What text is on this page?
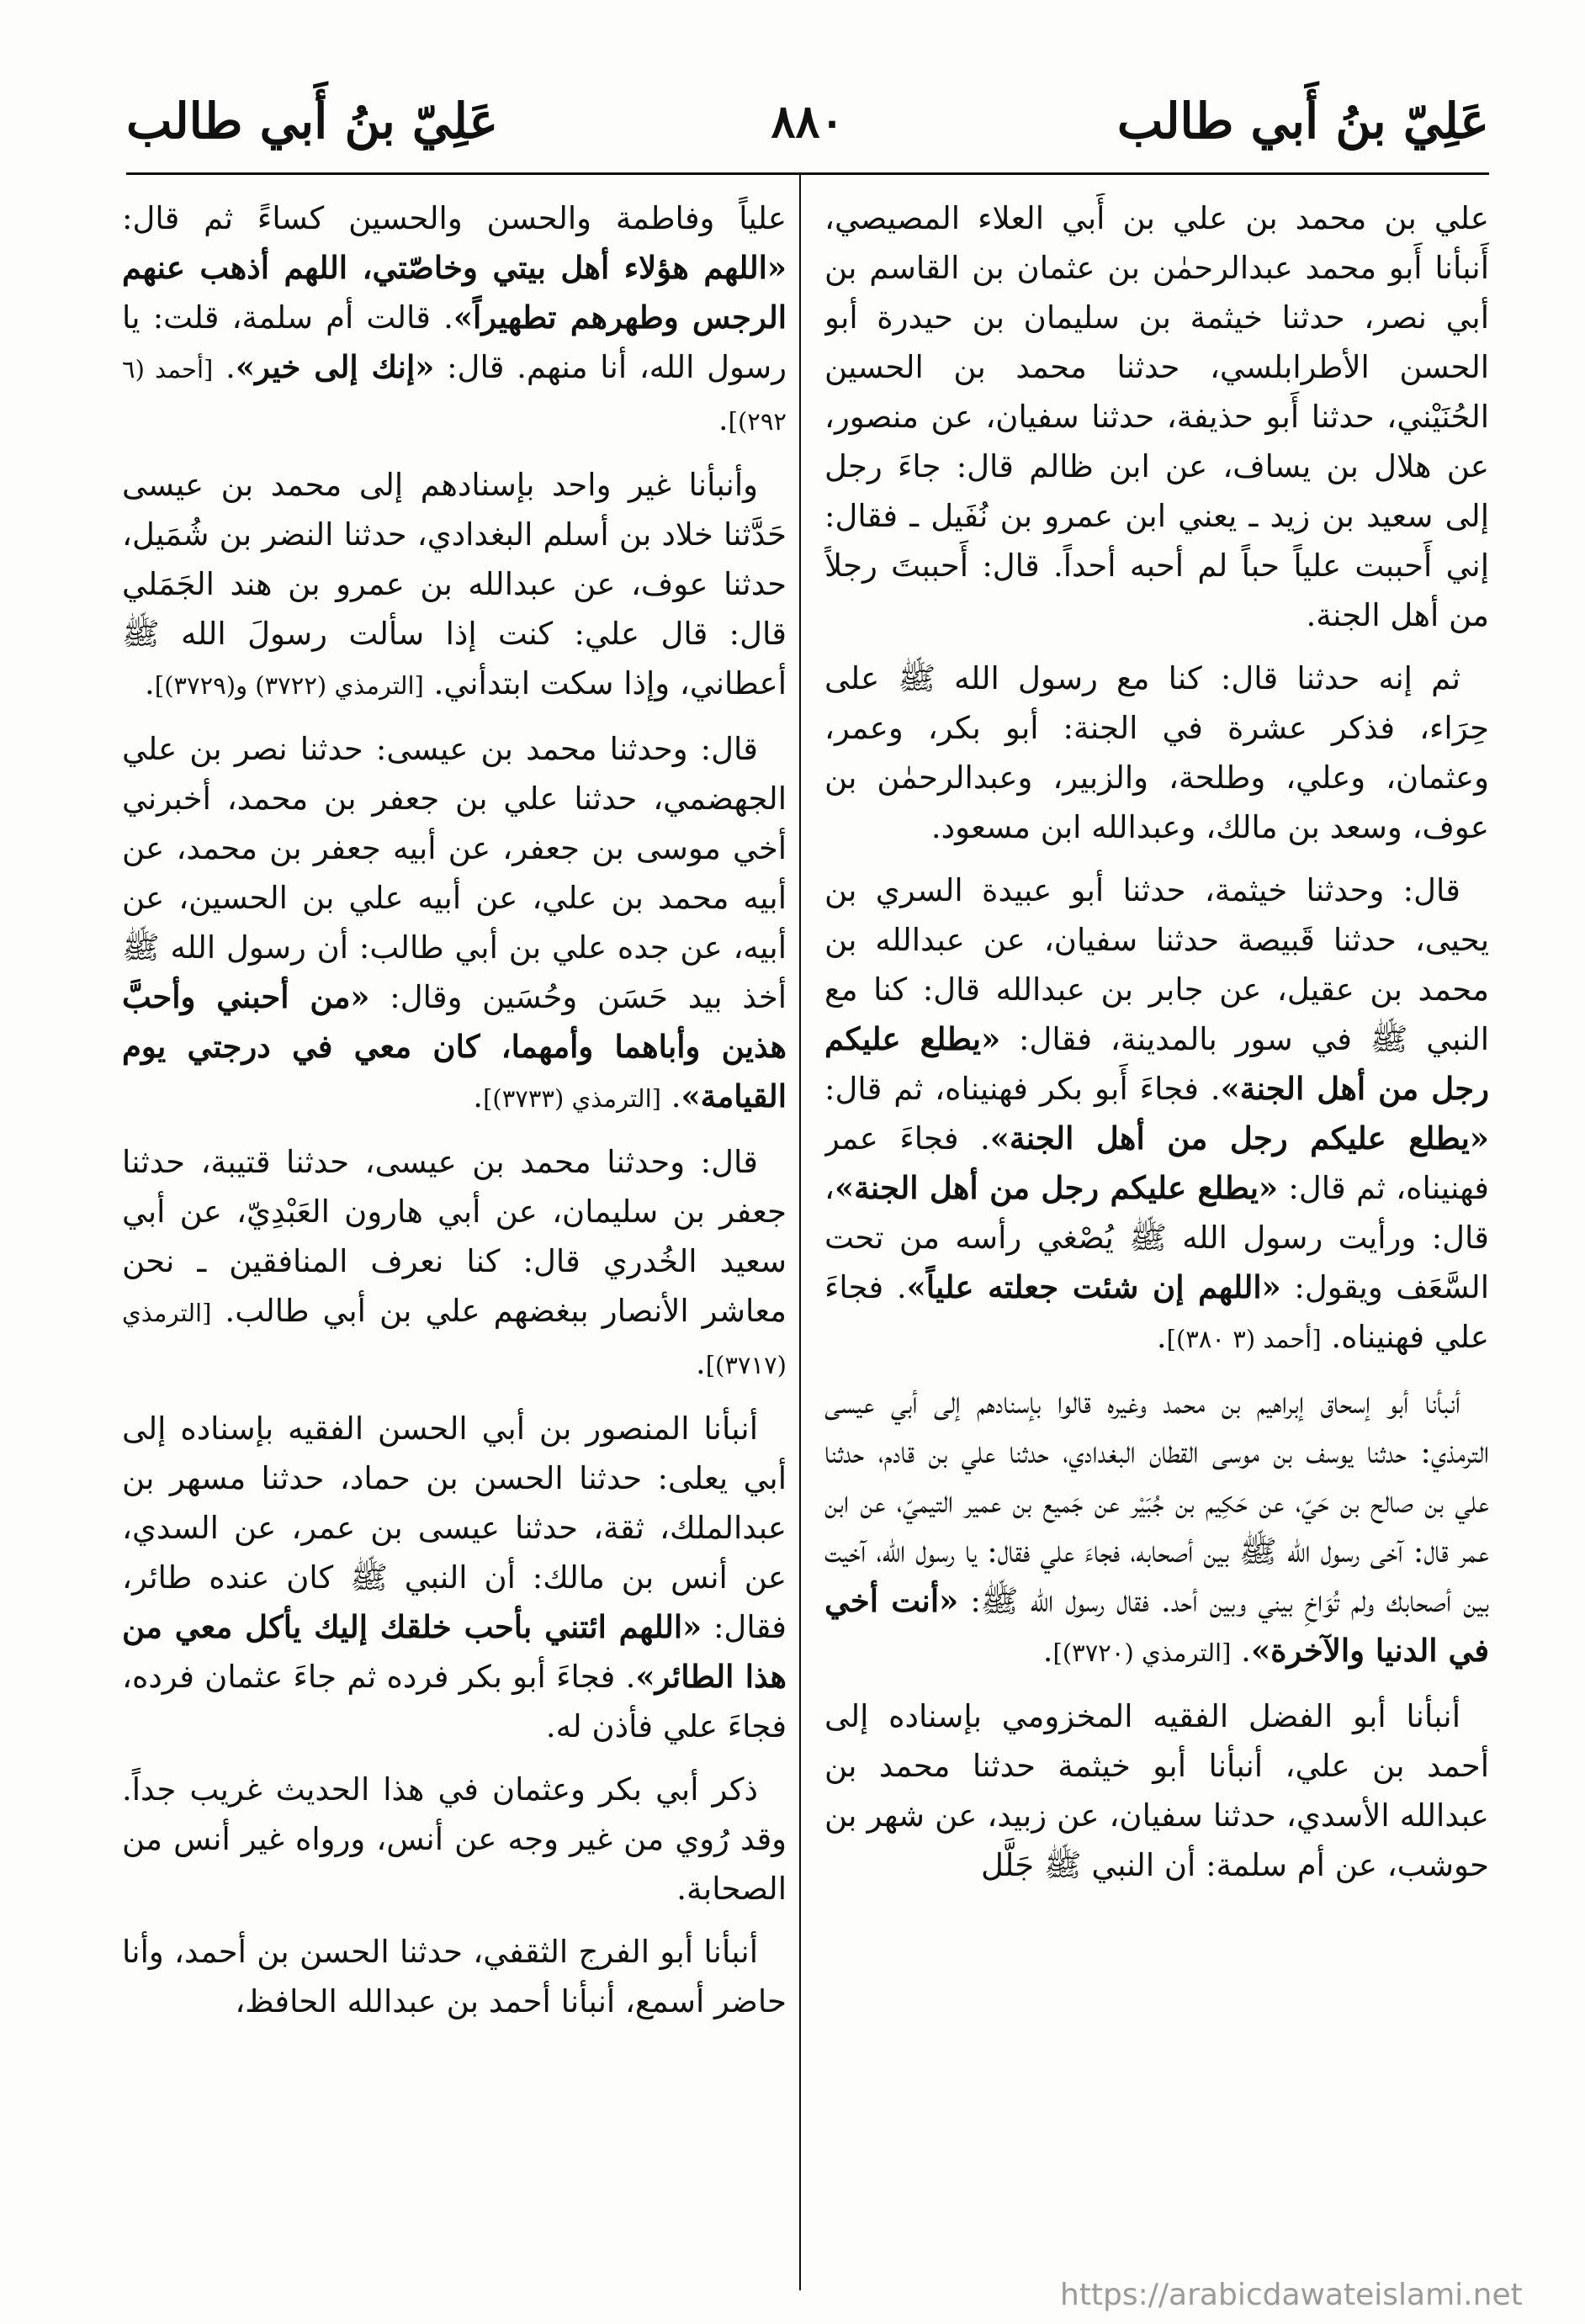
عَلِيّ بنُ أَبي طالب
٨٨٠
عَلِيّ بنُ أَبي طالب

علي بن محمد بن علي بن أَبي العلاء المصيصي، أَنبأنا أَبو محمد عبدالرحمٰن بن عثمان بن القاسم بن أبي نصر، حدثنا خيثمة بن سليمان بن حيدرة أبو الحسن الأطرابلسي، حدثنا محمد بن الحسين الحُنَيْني، حدثنا أَبو حذيفة، حدثنا سفيان، عن منصور، عن هلال بن يساف، عن ابن ظالم قال: جاءَ رجل إلى سعيد بن زيد ـ يعني ابن عمرو بن نُفَيل ـ فقال: إني أَحببت علياً حباً لم أحبه أحداً. قال: أَحببتَ رجلاً من أهل الجنة.

ثم إنه حدثنا قال: كنا مع رسول الله ﷺ على حِرَاء، فذكر عشرة في الجنة: أبو بكر، وعمر، وعثمان، وعلي، وطلحة، والزبير، وعبدالرحمٰن بن عوف، وسعد بن مالك، وعبدالله ابن مسعود.

قال: وحدثنا خيثمة، حدثنا أبو عبيدة السري بن يحيى، حدثنا قَبيصة حدثنا سفيان، عن عبدالله بن محمد بن عقيل، عن جابر بن عبدالله قال: كنا مع النبي ﷺ في سور بالمدينة، فقال: «يطلع عليكم رجل من أهل الجنة». فجاءَ أَبو بكر فهنيناه، ثم قال: «يطلع عليكم رجل من أهل الجنة». فجاءَ عمر فهنيناه، ثم قال: «يطلع عليكم رجل من أهل الجنة»، قال: ورأيت رسول الله ﷺ يُصْغي رأسه من تحت السَّعَف ويقول: «اللهم إن شئت جعلته علياً». فجاءَ علي فهنيناه. [أحمد (٣ ٣٨٠)].

أنبأنا أبو إسحاق إبراهيم بن محمد وغيره قالوا بإسنادهم إلى أبي عيسى الترمذي: حدثنا يوسف بن موسى القطان البغدادي، حدثنا علي بن قادم، حدثنا علي بن صالح بن حَيّ، عن حَكِيم بن جُبَيْر عن جَميع بن عمير التيميّ، عن ابن عمر قال: آخى رسول الله ﷺ بين أصحابه، فجاءَ علي فقال: يا رسول الله، آخيت بين أصحابك ولم تُوَاخِ بيني وبين أحد. فقال رسول الله ﷺ: «أنت أخي في الدنيا والآخرة». [الترمذي (٣٧٢٠)].

أنبأنا أبو الفضل الفقيه المخزومي بإسناده إلى أحمد بن علي، أنبأنا أبو خيثمة حدثنا محمد بن عبدالله الأسدي، حدثنا سفيان، عن زبيد، عن شهر بن حوشب، عن أم سلمة: أن النبي ﷺ جَلَّل

علياً وفاطمة والحسن والحسين كساءً ثم قال: «اللهم هؤلاء أهل بيتي وخاصّتي، اللهم أذهب عنهم الرجس وطهرهم تطهيراً». قالت أم سلمة، قلت: يا رسول الله، أنا منهم. قال: «إنك إلى خير». [أحمد (٦ ٢٩٢)].

وأنبأنا غير واحد بإسنادهم إلى محمد بن عيسى حَدَّثنا خلاد بن أسلم البغدادي، حدثنا النضر بن شُمَيل، حدثنا عوف، عن عبدالله بن عمرو بن هند الجَمَلي قال: قال علي: كنت إذا سألت رسولَ الله ﷺ أعطاني، وإذا سكت ابتدأني. [الترمذي (٣٧٢٢) و(٣٧٢٩)].

قال: وحدثنا محمد بن عيسى: حدثنا نصر بن علي الجهضمي، حدثنا علي بن جعفر بن محمد، أخبرني أخي موسى بن جعفر، عن أبيه جعفر بن محمد، عن أبيه محمد بن علي، عن أبيه علي بن الحسين، عن أبيه، عن جده علي بن أبي طالب: أن رسول الله ﷺ أخذ بيد حَسَن وحُسَين وقال: «من أحبني وأحبَّ هذين وأباهما وأمهما، كان معي في درجتي يوم القيامة». [الترمذي (٣٧٣٣)].

قال: وحدثنا محمد بن عيسى، حدثنا قتيبة، حدثنا جعفر بن سليمان، عن أبي هارون العَبْدِيّ، عن أبي سعيد الخُدري قال: كنا نعرف المنافقين ـ نحن معاشر الأنصار ببغضهم علي بن أبي طالب. [الترمذي (٣٧١٧)].

أنبأنا المنصور بن أبي الحسن الفقيه بإسناده إلى أبي يعلى: حدثنا الحسن بن حماد، حدثنا مسهر بن عبدالملك، ثقة، حدثنا عيسى بن عمر، عن السدي، عن أنس بن مالك: أن النبي ﷺ كان عنده طائر، فقال: «اللهم ائتني بأحب خلقك إليك يأكل معي من هذا الطائر». فجاءَ أبو بكر فرده ثم جاءَ عثمان فرده، فجاءَ علي فأذن له.

ذكر أبي بكر وعثمان في هذا الحديث غريب جداً. وقد رُوي من غير وجه عن أنس، ورواه غير أنس من الصحابة.

أنبأنا أبو الفرج الثقفي، حدثنا الحسن بن أحمد، وأنا حاضر أسمع، أنبأنا أحمد بن عبدالله الحافظ،

https://arabicdawateislami.net
